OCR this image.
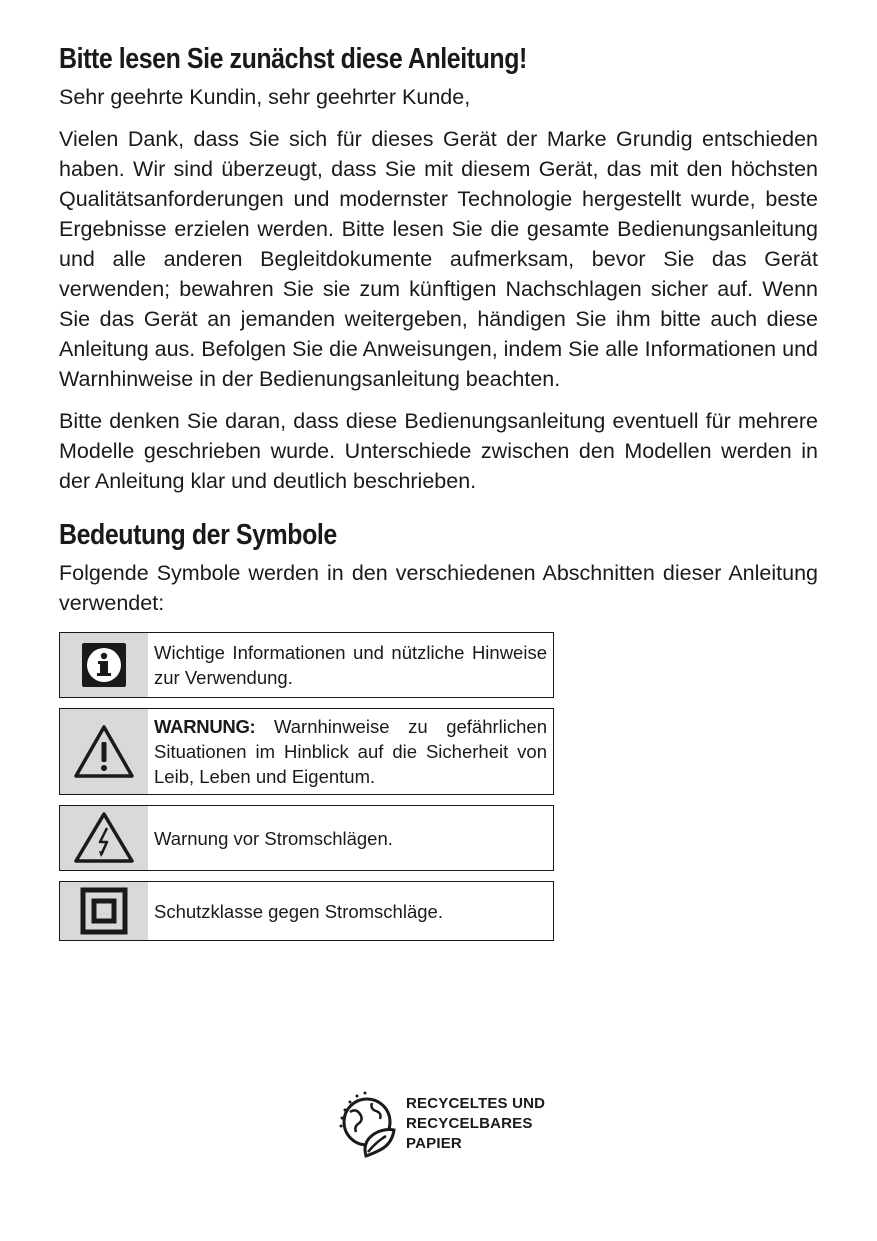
Bitte lesen Sie zunächst diese Anleitung!

Sehr geehrte Kundin, sehr geehrter Kunde,

Vielen Dank, dass Sie sich für dieses Gerät der Marke Grundig entschieden haben. Wir sind überzeugt, dass Sie mit diesem Gerät, das mit den höchsten Qualitätsanforderungen und modernster Technologie hergestellt wurde, beste Ergebnisse erzielen werden. Bitte lesen Sie die gesamte Bedienungsanleitung und alle anderen Begleitdokumente aufmerksam, bevor Sie das Gerät verwenden; bewahren Sie sie zum künftigen Nachschlagen sicher auf. Wenn Sie das Gerät an jemanden weitergeben, händigen Sie ihm bitte auch diese Anleitung aus. Befolgen Sie die Anweisungen, indem Sie alle Informationen und Warnhinweise in der Bedienungsanleitung beachten.

Bitte denken Sie daran, dass diese Bedienungsanleitung eventuell für mehrere Modelle geschrieben wurde. Unterschiede zwischen den Modellen werden in der Anleitung klar und deutlich beschrieben.

Bedeutung der Symbole

Folgende Symbole werden in den verschiedenen Abschnitten dieser Anleitung verwendet:

Wichtige Informationen und nützliche Hinweise zur Verwendung.
WARNUNG: Warnhinweise zu gefährlichen Situationen im Hinblick auf die Sicherheit von Leib, Leben und Eigentum.
Warnung vor Stromschlägen.
Schutzklasse gegen Stromschläge.
RECYCELTES UND
RECYCELBARES
PAPIER
